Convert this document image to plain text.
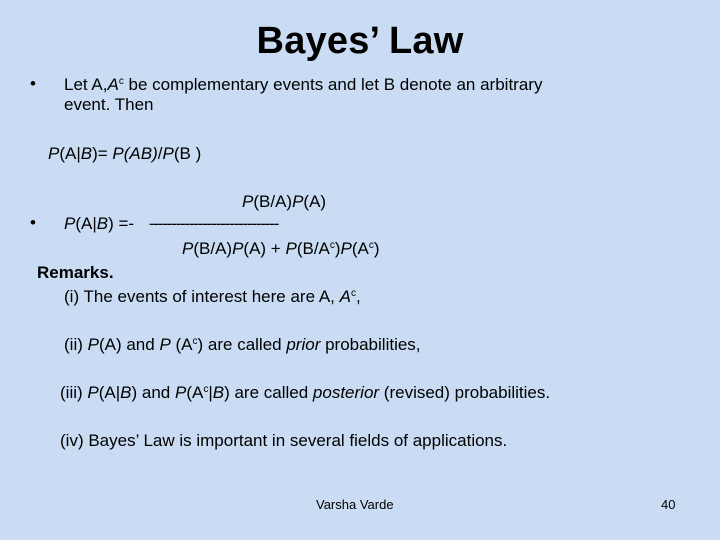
Bayes’ Law
• Let $A,A^c$ be complementary events and let B denote an arbitrary
event. Then
P(A|B)= P(AB)/P(B )
P(B/A)P(A)
• P(A|B) =- -----------------------------
$P(B/A)P(A) + P(B/A^c)P(A^c)$
Remarks.
(i) The events of interest here are A, $A^c$,
(ii) P(A) and P $(A^c)$ are called prior probabilities,
(iii) P(A|B) and $P(A^c|B)$ are called posterior (revised) probabilities.
(iv) Bayes’ Law is important in several fields of applications.
Varsha Varde	40
